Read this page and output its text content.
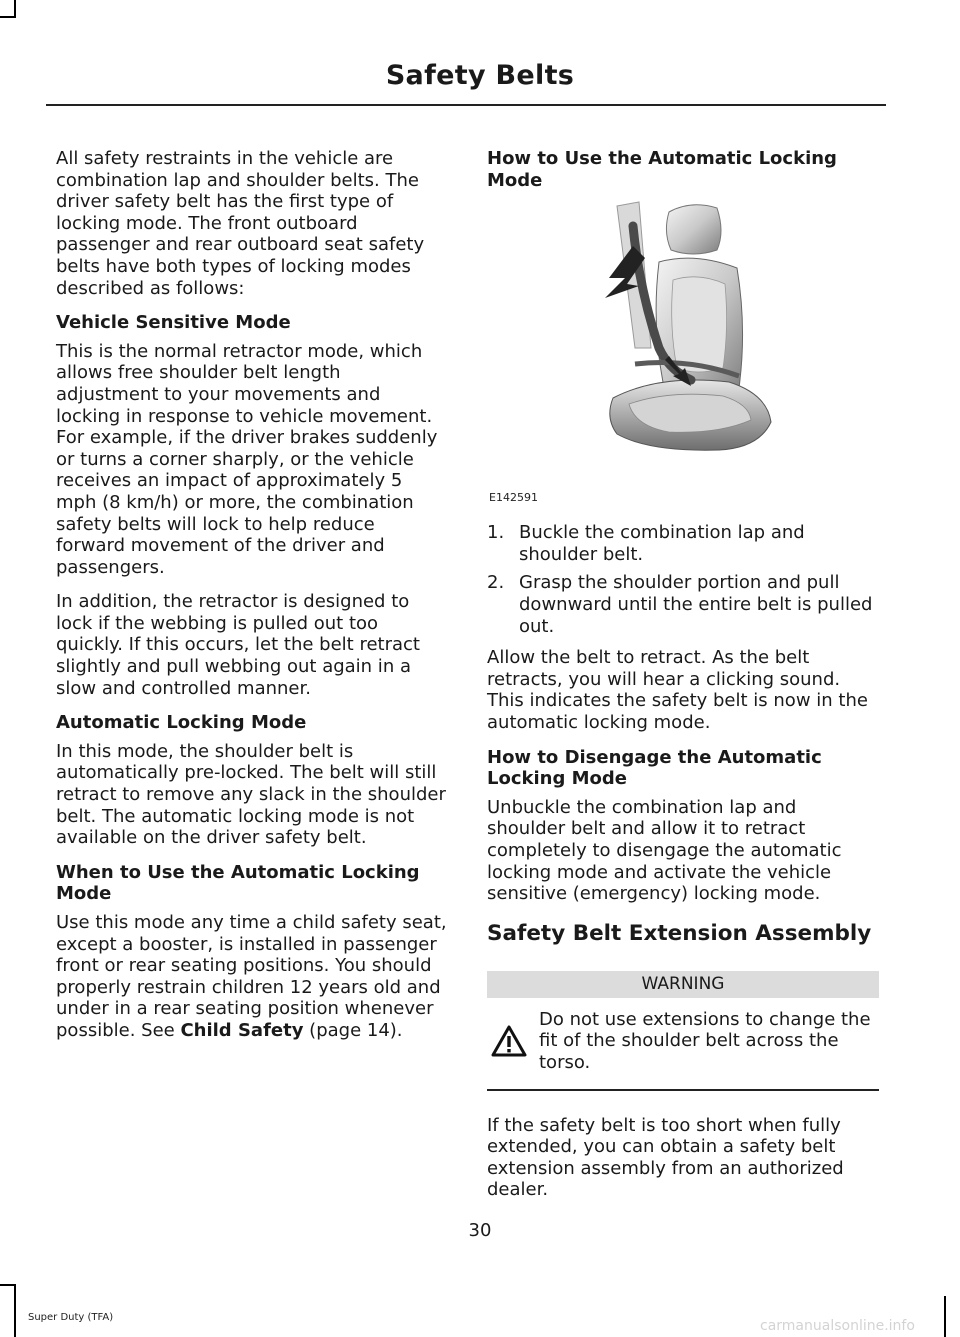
Safety Belts

All safety restraints in the vehicle are combination lap and shoulder belts. The driver safety belt has the first type of locking mode. The front outboard passenger and rear outboard seat safety belts have both types of locking modes described as follows:

Vehicle Sensitive Mode

This is the normal retractor mode, which allows free shoulder belt length adjustment to your movements and locking in response to vehicle movement. For example, if the driver brakes suddenly or turns a corner sharply, or the vehicle receives an impact of approximately 5 mph (8 km/h) or more, the combination safety belts will lock to help reduce forward movement of the driver and passengers.

In addition, the retractor is designed to lock if the webbing is pulled out too quickly. If this occurs, let the belt retract slightly and pull webbing out again in a slow and controlled manner.

Automatic Locking Mode

In this mode, the shoulder belt is automatically pre-locked. The belt will still retract to remove any slack in the shoulder belt. The automatic locking mode is not available on the driver safety belt.

When to Use the Automatic Locking Mode

Use this mode any time a child safety seat, except a booster, is installed in passenger front or rear seating positions. You should properly restrain children 12 years old and under in a rear seating position whenever possible. See Child Safety (page 14).

How to Use the Automatic Locking Mode
E142591
1. Buckle the combination lap and shoulder belt.
2. Grasp the shoulder portion and pull downward until the entire belt is pulled out.

Allow the belt to retract. As the belt retracts, you will hear a clicking sound. This indicates the safety belt is now in the automatic locking mode.

How to Disengage the Automatic Locking Mode

Unbuckle the combination lap and shoulder belt and allow it to retract completely to disengage the automatic locking mode and activate the vehicle sensitive (emergency) locking mode.

Safety Belt Extension Assembly
WARNING
Do not use extensions to change the fit of the shoulder belt across the torso.

If the safety belt is too short when fully extended, you can obtain a safety belt extension assembly from an authorized dealer.

30
Super Duty (TFA)
carmanualsonline.info
